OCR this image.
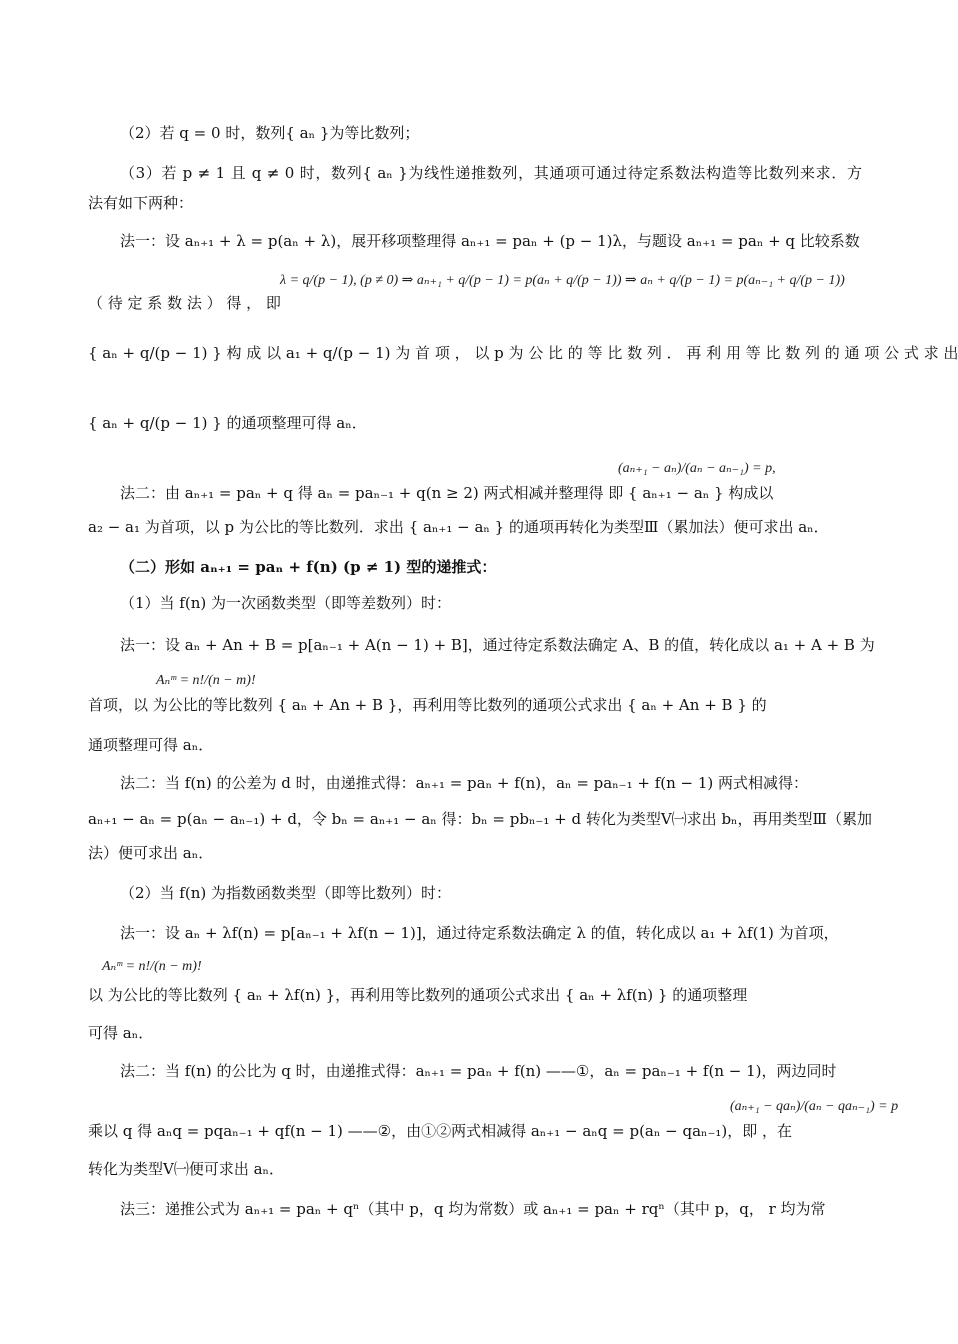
（2）若 q = 0 时，数列{ aₙ }为等比数列；
（3）若 p ≠ 1 且 q ≠ 0 时，数列{ aₙ }为线性递推数列，其通项可通过待定系数法构造等比数列来求．方
法有如下两种：
法一：设 aₙ₊₁ + λ = p(aₙ + λ)，展开移项整理得 aₙ₊₁ = paₙ + (p − 1)λ，与题设 aₙ₊₁ = paₙ + q 比较系数
λ = q/(p − 1), (p ≠ 0) ⇒ aₙ₊₁ + q/(p − 1) = p(aₙ + q/(p − 1)) ⇒ aₙ + q/(p − 1) = p(aₙ₋₁ + q/(p − 1))
（ 待 定 系 数 法 ） 得 ， 即
{ aₙ + q/(p − 1) } 构 成 以 a₁ + q/(p − 1) 为 首 项 ， 以 p 为 公 比 的 等 比 数 列 ． 再 利 用 等 比 数 列 的 通 项 公 式 求 出
{ aₙ + q/(p − 1) } 的通项整理可得 aₙ．
(aₙ₊₁ − aₙ)/(aₙ − aₙ₋₁) = p,
法二：由 aₙ₊₁ = paₙ + q 得 aₙ = paₙ₋₁ + q(n ≥ 2) 两式相减并整理得 即 { aₙ₊₁ − aₙ } 构成以
a₂ − a₁ 为首项，以 p 为公比的等比数列．求出 { aₙ₊₁ − aₙ } 的通项再转化为类型Ⅲ（累加法）便可求出 aₙ．
（二）形如 aₙ₊₁ = paₙ + f(n) (p ≠ 1) 型的递推式：
（1）当 f(n) 为一次函数类型（即等差数列）时：
法一：设 aₙ + An + B = p[aₙ₋₁ + A(n − 1) + B]，通过待定系数法确定 A、B 的值，转化成以 a₁ + A + B 为
Aₙᵐ = n!/(n − m)!
首项，以 为公比的等比数列 { aₙ + An + B }，再利用等比数列的通项公式求出 { aₙ + An + B } 的
通项整理可得 aₙ．
法二：当 f(n) 的公差为 d 时，由递推式得：aₙ₊₁ = paₙ + f(n)，aₙ = paₙ₋₁ + f(n − 1) 两式相减得：
aₙ₊₁ − aₙ = p(aₙ − aₙ₋₁) + d，令 bₙ = aₙ₊₁ − aₙ 得：bₙ = pbₙ₋₁ + d 转化为类型Ⅴ㈠求出 bₙ，再用类型Ⅲ（累加
法）便可求出 aₙ．
（2）当 f(n) 为指数函数类型（即等比数列）时：
法一：设 aₙ + λf(n) = p[aₙ₋₁ + λf(n − 1)]，通过待定系数法确定 λ 的值，转化成以 a₁ + λf(1) 为首项，
Aₙᵐ = n!/(n − m)!
以 为公比的等比数列 { aₙ + λf(n) }，再利用等比数列的通项公式求出 { aₙ + λf(n) } 的通项整理
可得 aₙ．
法二：当 f(n) 的公比为 q 时，由递推式得：aₙ₊₁ = paₙ + f(n) ——①，aₙ = paₙ₋₁ + f(n − 1)，两边同时
(aₙ₊₁ − qaₙ)/(aₙ − qaₙ₋₁) = p
乘以 q 得 aₙq = pqaₙ₋₁ + qf(n − 1) ——②，由①②两式相减得 aₙ₊₁ − aₙq = p(aₙ − qaₙ₋₁)，即 ，在
转化为类型Ⅴ㈠便可求出 aₙ．
法三：递推公式为 aₙ₊₁ = paₙ + qⁿ（其中 p，q 均为常数）或 aₙ₊₁ = paₙ + rqⁿ（其中 p，q， r 均为常
